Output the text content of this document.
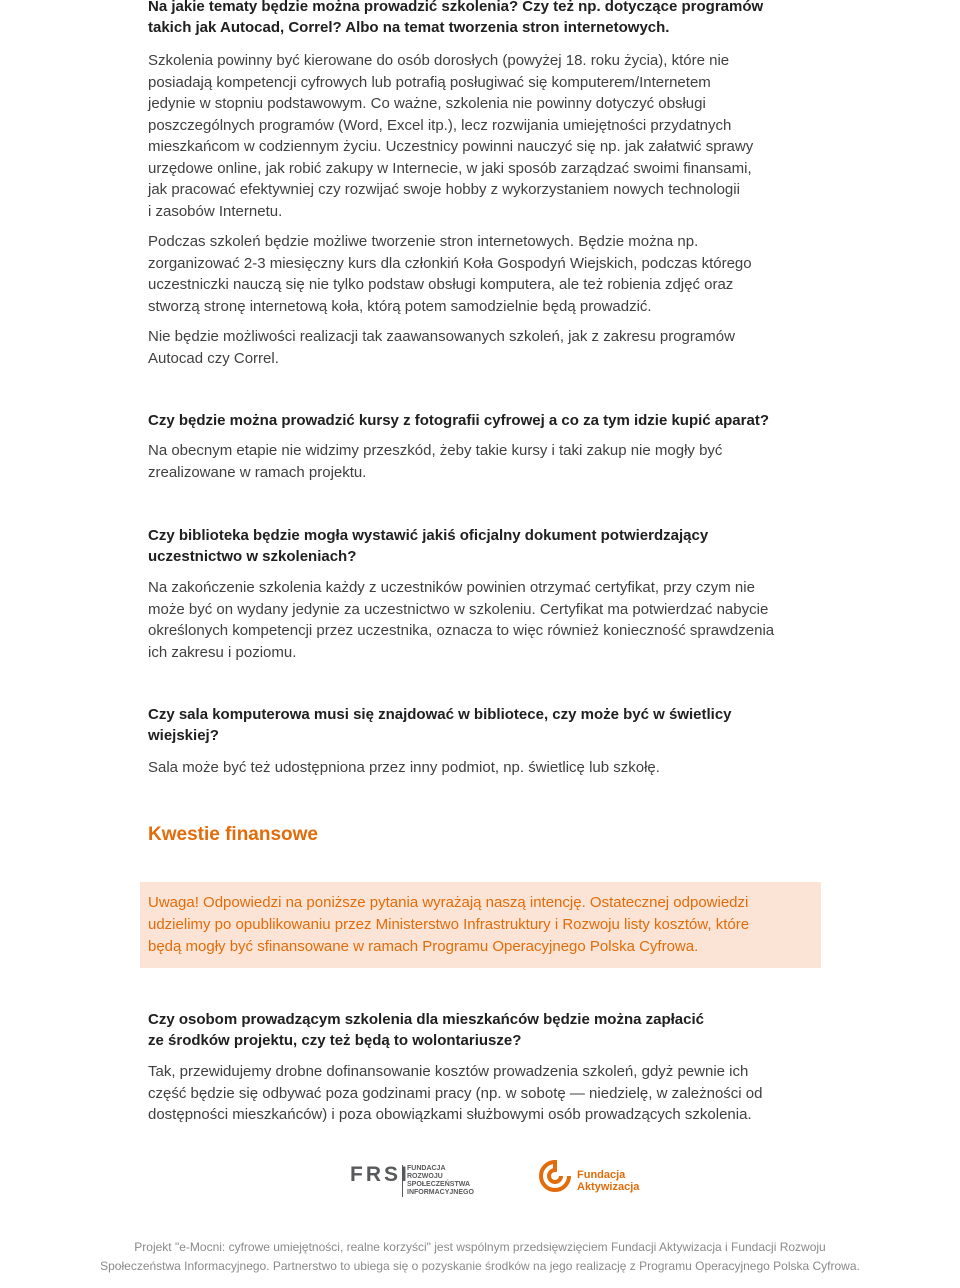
Na jakie tematy będzie można prowadzić szkolenia? Czy też np. dotyczące programów

takich jak Autocad, Correl? Albo na temat tworzenia stron internetowych.

Szkolenia powinny być kierowane do osób dorosłych (powyżej 18. roku życia), które nie

posiadają kompetencji cyfrowych lub potrafią posługiwać się komputerem/Internetem

jedynie w stopniu podstawowym. Co ważne, szkolenia nie powinny dotyczyć obsługi

poszczególnych programów (Word, Excel itp.), lecz rozwijania umiejętności przydatnych

mieszkańcom w codziennym życiu. Uczestnicy powinni nauczyć się np. jak załatwić sprawy

urzędowe online, jak robić zakupy w Internecie, w jaki sposób zarządzać swoimi finansami,

jak pracować efektywniej czy rozwijać swoje hobby z wykorzystaniem nowych technologii

i zasobów Internetu.

Podczas szkoleń będzie możliwe tworzenie stron internetowych. Będzie można np.

zorganizować 2-3 miesięczny kurs dla członkiń Koła Gospodyń Wiejskich, podczas którego

uczestniczki nauczą się nie tylko podstaw obsługi komputera, ale też robienia zdjęć oraz

stworzą stronę internetową koła, którą potem samodzielnie będą prowadzić.

Nie będzie możliwości realizacji tak zaawansowanych szkoleń, jak z zakresu programów

Autocad czy Correl.

Czy będzie można prowadzić kursy z fotografii cyfrowej a co za tym idzie kupić aparat?

Na obecnym etapie nie widzimy przeszkód, żeby takie kursy i taki zakup nie mogły być

zrealizowane w ramach projektu.

Czy biblioteka będzie mogła wystawić jakiś oficjalny dokument potwierdzający

uczestnictwo w szkoleniach?

Na zakończenie szkolenia każdy z uczestników powinien otrzymać certyfikat, przy czym nie

może być on wydany jedynie za uczestnictwo w szkoleniu. Certyfikat ma potwierdzać nabycie

określonych kompetencji przez uczestnika, oznacza to więc również konieczność sprawdzenia

ich zakresu i poziomu.

Czy sala komputerowa musi się znajdować w bibliotece, czy może być w świetlicy

wiejskiej?

Sala może być też udostępniona przez inny podmiot, np. świetlicę lub szkołę.

Czy osobom prowadzącym szkolenia dla mieszkańców będzie można zapłacić

ze środków projektu, czy też będą to wolontariusze?

Tak, przewidujemy drobne dofinansowanie kosztów prowadzenia szkoleń, gdyż pewnie ich

część będzie się odbywać poza godzinami pracy (np. w sobotę — niedzielę, w zależności od

dostępności mieszkańców) i poza obowiązkami służbowymi osób prowadzących szkolenia.

Kwestie finansowe

Uwaga! Odpowiedzi na poniższe pytania wyrażają naszą intencję. Ostatecznej odpowiedzi

udzielimy po opublikowaniu przez Ministerstwo Infrastruktury i Rozwoju listy kosztów, które

będą mogły być sfinansowane w ramach Programu Operacyjnego Polska Cyfrowa.

FRSI
FUNDACJA
ROZWOJU
SPOŁECZEŃSTWA
INFORMACYJNEGO
Fundacja
Aktywizacja
Projekt "e-Mocni: cyfrowe umiejętności, realne korzyści" jest wspólnym przedsięwzięciem Fundacji Aktywizacja i Fundacji Rozwoju
Społeczeństwa Informacyjnego. Partnerstwo to ubiega się o pozyskanie środków na jego realizację z Programu Operacyjnego Polska Cyfrowa.
